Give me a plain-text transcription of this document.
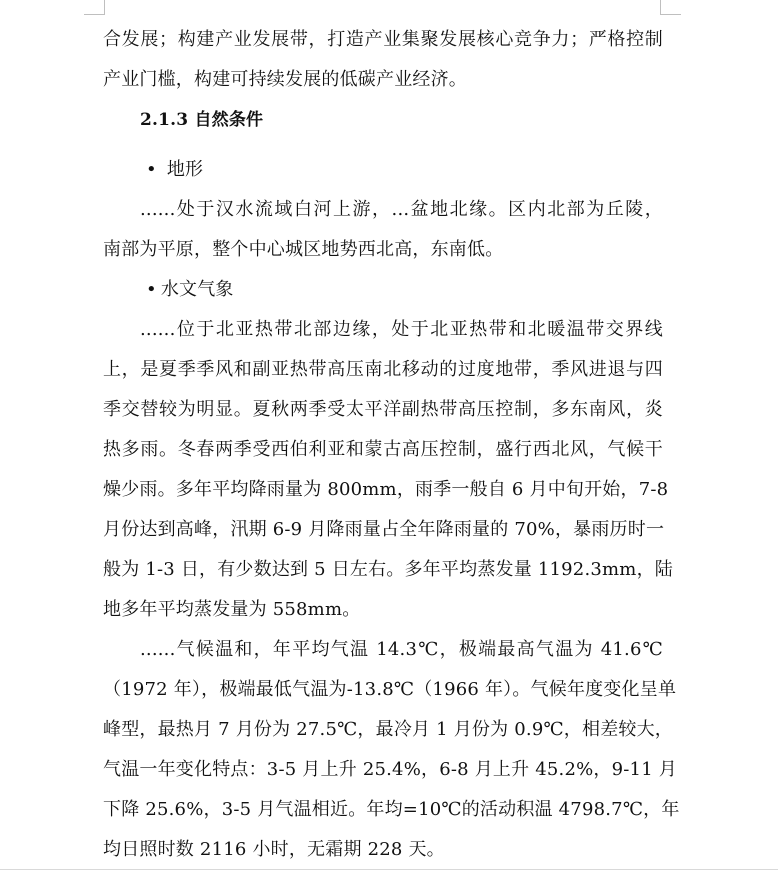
合发展；构建产业发展带，打造产业集聚发展核心竞争力；严格控制
产业门槛，构建可持续发展的低碳产业经济。
2.1.3 自然条件
• 地形
......处于汉水流域白河上游，...盆地北缘。区内北部为丘陵，
南部为平原，整个中心城区地势西北高，东南低。
• 水文气象
......位于北亚热带北部边缘，处于北亚热带和北暖温带交界线
上，是夏季季风和副亚热带高压南北移动的过度地带，季风进退与四
季交替较为明显。夏秋两季受太平洋副热带高压控制，多东南风，炎
热多雨。冬春两季受西伯利亚和蒙古高压控制，盛行西北风，气候干
燥少雨。多年平均降雨量为 800mm，雨季一般自 6 月中旬开始，7-8
月份达到高峰，汛期 6-9 月降雨量占全年降雨量的 70%，暴雨历时一
般为 1-3 日，有少数达到 5 日左右。多年平均蒸发量 1192.3mm，陆
地多年平均蒸发量为 558mm。
......气候温和，年平均气温 14.3℃，极端最高气温为 41.6℃
（1972 年），极端最低气温为-13.8℃（1966 年）。气候年度变化呈单
峰型，最热月 7 月份为 27.5℃，最冷月 1 月份为 0.9℃，相差较大，
气温一年变化特点：3-5 月上升 25.4%，6-8 月上升 45.2%，9-11 月
下降 25.6%，3-5 月气温相近。年均=10℃的活动积温 4798.7℃，年
均日照时数 2116 小时，无霜期 228 天。
